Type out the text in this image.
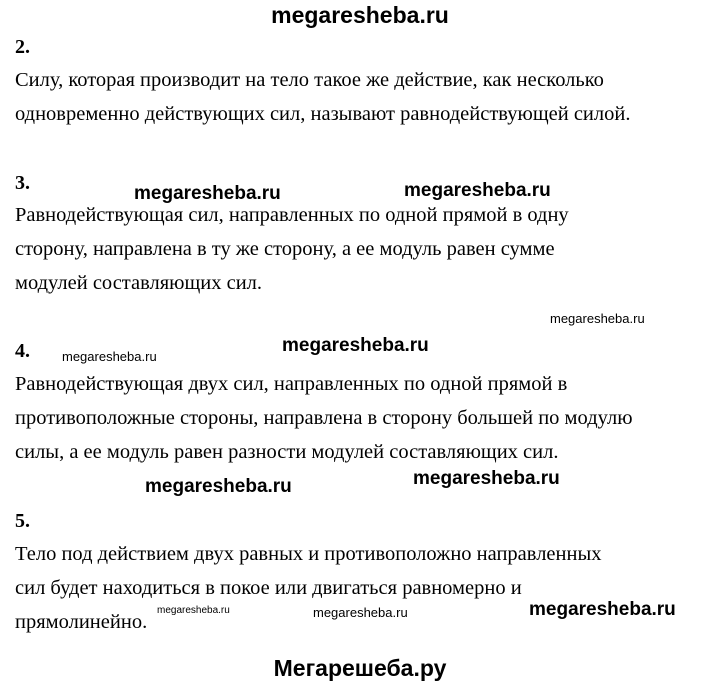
megaresheba.ru
2.
Силу, которая производит на тело такое же действие, как несколько
одновременно действующих сил, называют равнодействующей силой.
3.
Равнодействующая сил, направленных по одной прямой в одну
сторону, направлена в ту же сторону, а ее модуль равен сумме
модулей составляющих сил.
4.
Равнодействующая двух сил, направленных по одной прямой в
противоположные стороны, направлена в сторону большей по модулю
силы, а ее модуль равен разности модулей составляющих сил.
5.
Тело под действием двух равных и противоположно направленных
сил будет находиться в покое или двигаться равномерно и
прямолинейно.
megaresheba.ru	megaresheba.ru
megaresheba.ru
megaresheba.ru
megaresheba.ru
megaresheba.ru	megaresheba.ru
megaresheba.ru	megaresheba.ru	megaresheba.ru
Мегарешеба.ру
